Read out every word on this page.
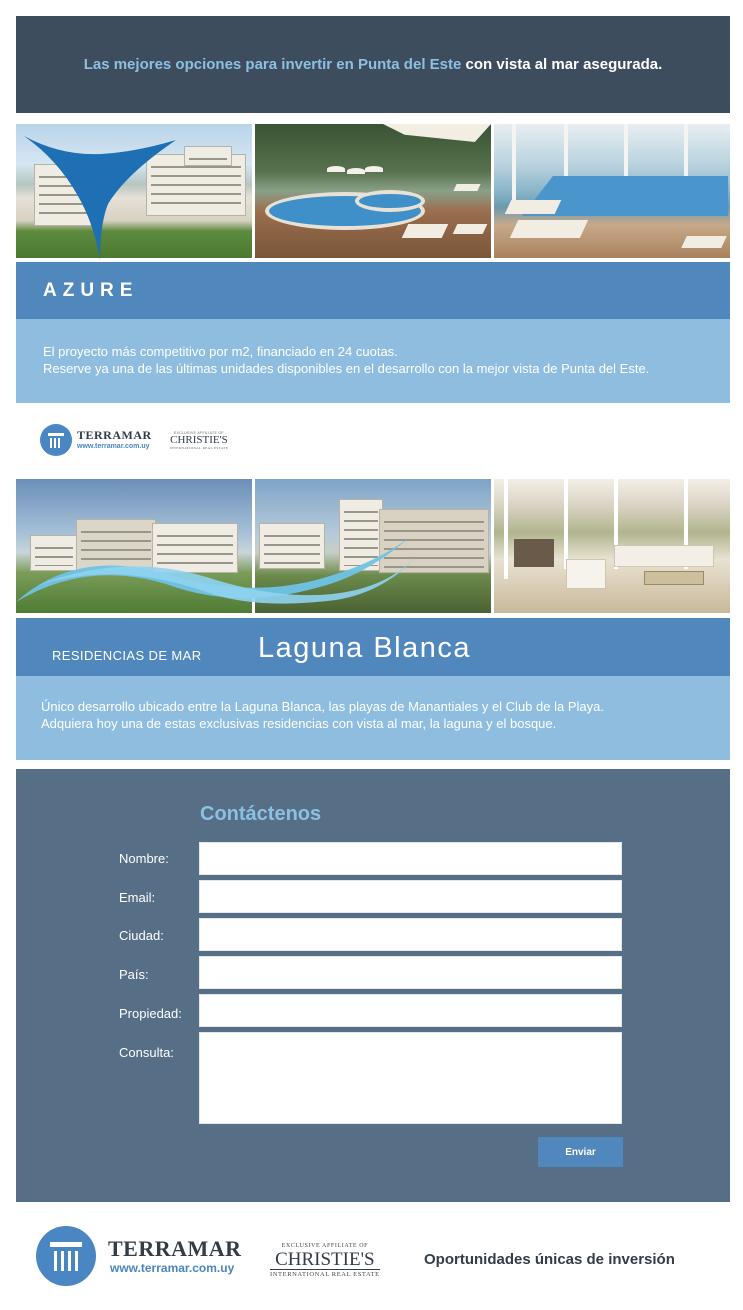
Las mejores opciones para invertir en Punta del Este con vista al mar asegurada.

AZURE

El proyecto más competitivo por m2, financiado en 24 cuotas.

Reserve ya una de las últimas unidades disponibles en el desarrollo con la mejor vista de Punta del Este.

TERRAMAR
www.terramar.com.uy
EXCLUSIVE AFFILIATE OF
CHRISTIE'S
INTERNATIONAL REAL ESTATE
RESIDENCIAS DE MAR Laguna Blanca

Único desarrollo ubicado entre la Laguna Blanca, las playas de Manantiales y el Club de la Playa.

Adquiera hoy una de estas exclusivas residencias con vista al mar, la laguna y el bosque.

Contáctenos
Nombre:
Email:
Ciudad:
País:
Propiedad:
Consulta:
Enviar
TERRAMAR
www.terramar.com.uy
EXCLUSIVE AFFILIATE OF
CHRISTIE'S
INTERNATIONAL REAL ESTATE
Oportunidades únicas de inversión
